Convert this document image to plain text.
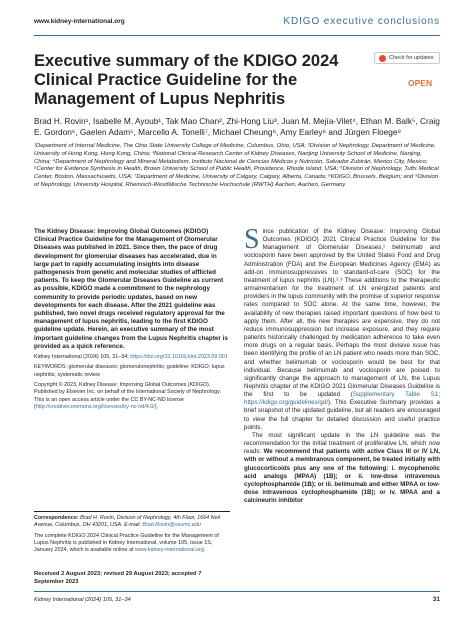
www.kidney-international.org	KDIGO executive conclusions
Executive summary of the KDIGO 2024 Clinical Practice Guideline for the Management of Lupus Nephritis
Check for updates
OPEN
Brad H. Rovin¹, Isabelle M. Ayoub¹, Tak Mao Chan², Zhi-Hong Liu³, Juan M. Mejía-Vilet⁴, Ethan M. Balk⁵, Craig E. Gordon⁶, Gaelen Adam⁵, Marcello A. Tonelli⁷, Michael Cheung⁸, Amy Earley⁸ and Jürgen Floege⁹
¹Department of Internal Medicine, The Ohio State University College of Medicine, Columbus, Ohio, USA; ²Division of Nephrology, Department of Medicine, University of Hong Kong, Hong Kong, China; ³National Clinical Research Center of Kidney Diseases, Nanjing University School of Medicine, Nanjing, China; ⁴Department of Nephrology and Mineral Metabolism, Instituto Nacional de Ciencias Médicas y Nutrición, Salvador Zubirán, Mexico City, Mexico; ⁵Center for Evidence Synthesis in Health, Brown University School of Public Health, Providence, Rhode Island, USA; ⁶Division of Nephrology, Tufts Medical Center, Boston, Massachusetts, USA; ⁷Department of Medicine, University of Calgary, Calgary, Alberta, Canada; ⁸KDIGO, Brussels, Belgium; and ⁹Division of Nephrology, University Hospital, Rheinisch-Westfälische Technische Hochschule (RWTH) Aachen, Aachen, Germany

The Kidney Disease: Improving Global Outcomes (KDIGO) Clinical Practice Guideline for the Management of Glomerular Diseases was published in 2021. Since then, the pace of drug development for glomerular diseases has accelerated, due in large part to rapidly accumulating insights into disease pathogenesis from genetic and molecular studies of afflicted patients. To keep the Glomerular Diseases Guideline as current as possible, KDIGO made a commitment to the nephrology community to provide periodic updates, based on new developments for each disease. After the 2021 guideline was published, two novel drugs received regulatory approval for the management of lupus nephritis, leading to the first KDIGO guideline update. Herein, an executive summary of the most important guideline changes from the Lupus Nephritis chapter is provided as a quick reference.

Kidney International (2024) 105, 31–34; https://doi.org/10.1016/j.kint.2023.09.001

KEYWORDS: glomerular diseases; glomerulonephritis; guideline; KDIGO; lupus nephritis; systematic review

Copyright © 2023, Kidney Disease: Improving Global Outcomes (KDIGO). Published by Elsevier Inc. on behalf of the International Society of Nephrology. This is an open access article under the CC BY-NC-ND license (http://creativecommons.org/licenses/by-nc-nd/4.0/).

Correspondence: Brad H. Rovin, Division of Nephrology, 4th Floor, 1664 Neil Avenue, Columbus, OH 43201, USA. E-mail: Brad.Rovin@osumc.edu

The complete KDIGO 2024 Clinical Practice Guideline for the Management of Lupus Nephritis is published in Kidney International, volume 105, issue 1S, January 2024, which is available online at www.kidney-international.org.

Received 2 August 2023; revised 29 August 2023; accepted 7 September 2023

Since publication of the Kidney Disease: Improving Global Outcomes (KDIGO) 2021 Clinical Practice Guideline for the Management of Glomerular Diseases,¹ belimumab and voclosporin have been approved by the United States Food and Drug Administration (FDA) and the European Medicines Agency (EMA) as add-on immunosuppressives to standard-of-care (SOC) for the treatment of lupus nephritis (LN).²˒³ These additions to the therapeutic armamentarium for the treatment of LN energized patients and providers in the lupus community with the promise of superior response rates compared to SOC alone. At the same time, however, the availability of new therapies raised important questions of how best to apply them. After all, the new therapies are expensive, they do not reduce immunosuppression but increase exposure, and they require patients historically challenged by medication adherence to take even more drugs on a regular basis. Perhaps the most divisive issue has been identifying the profile of an LN patient who needs more than SOC, and whether belimumab or voclosporin would be best for that individual. Because belimumab and voclosporin are poised to significantly change the approach to management of LN, the Lupus Nephritis chapter of the KDIGO 2021 Glomerular Diseases Guideline is the first to be updated (Supplementary Table S1; https://kdigo.org/guidelines/gd/). This Executive Summary provides a brief snapshot of the updated guideline, but all readers are encouraged to view the full chapter for detailed discussion and useful practice points.

The most significant update in the LN guideline was the recommendation for the initial treatment of proliferative LN, which now reads: We recommend that patients with active Class III or IV LN, with or without a membranous component, be treated initially with glucocorticoids plus any one of the following: i. mycophenolic acid analogs (MPAA) (1B); or ii. low-dose intravenous cyclophosphamide (1B); or iii. belimumab and either MPAA or low-dose intravenous cyclophosphamide (1B); or iv. MPAA and a calcineurin inhibitor

Kidney International (2024) 105, 31–34	31
